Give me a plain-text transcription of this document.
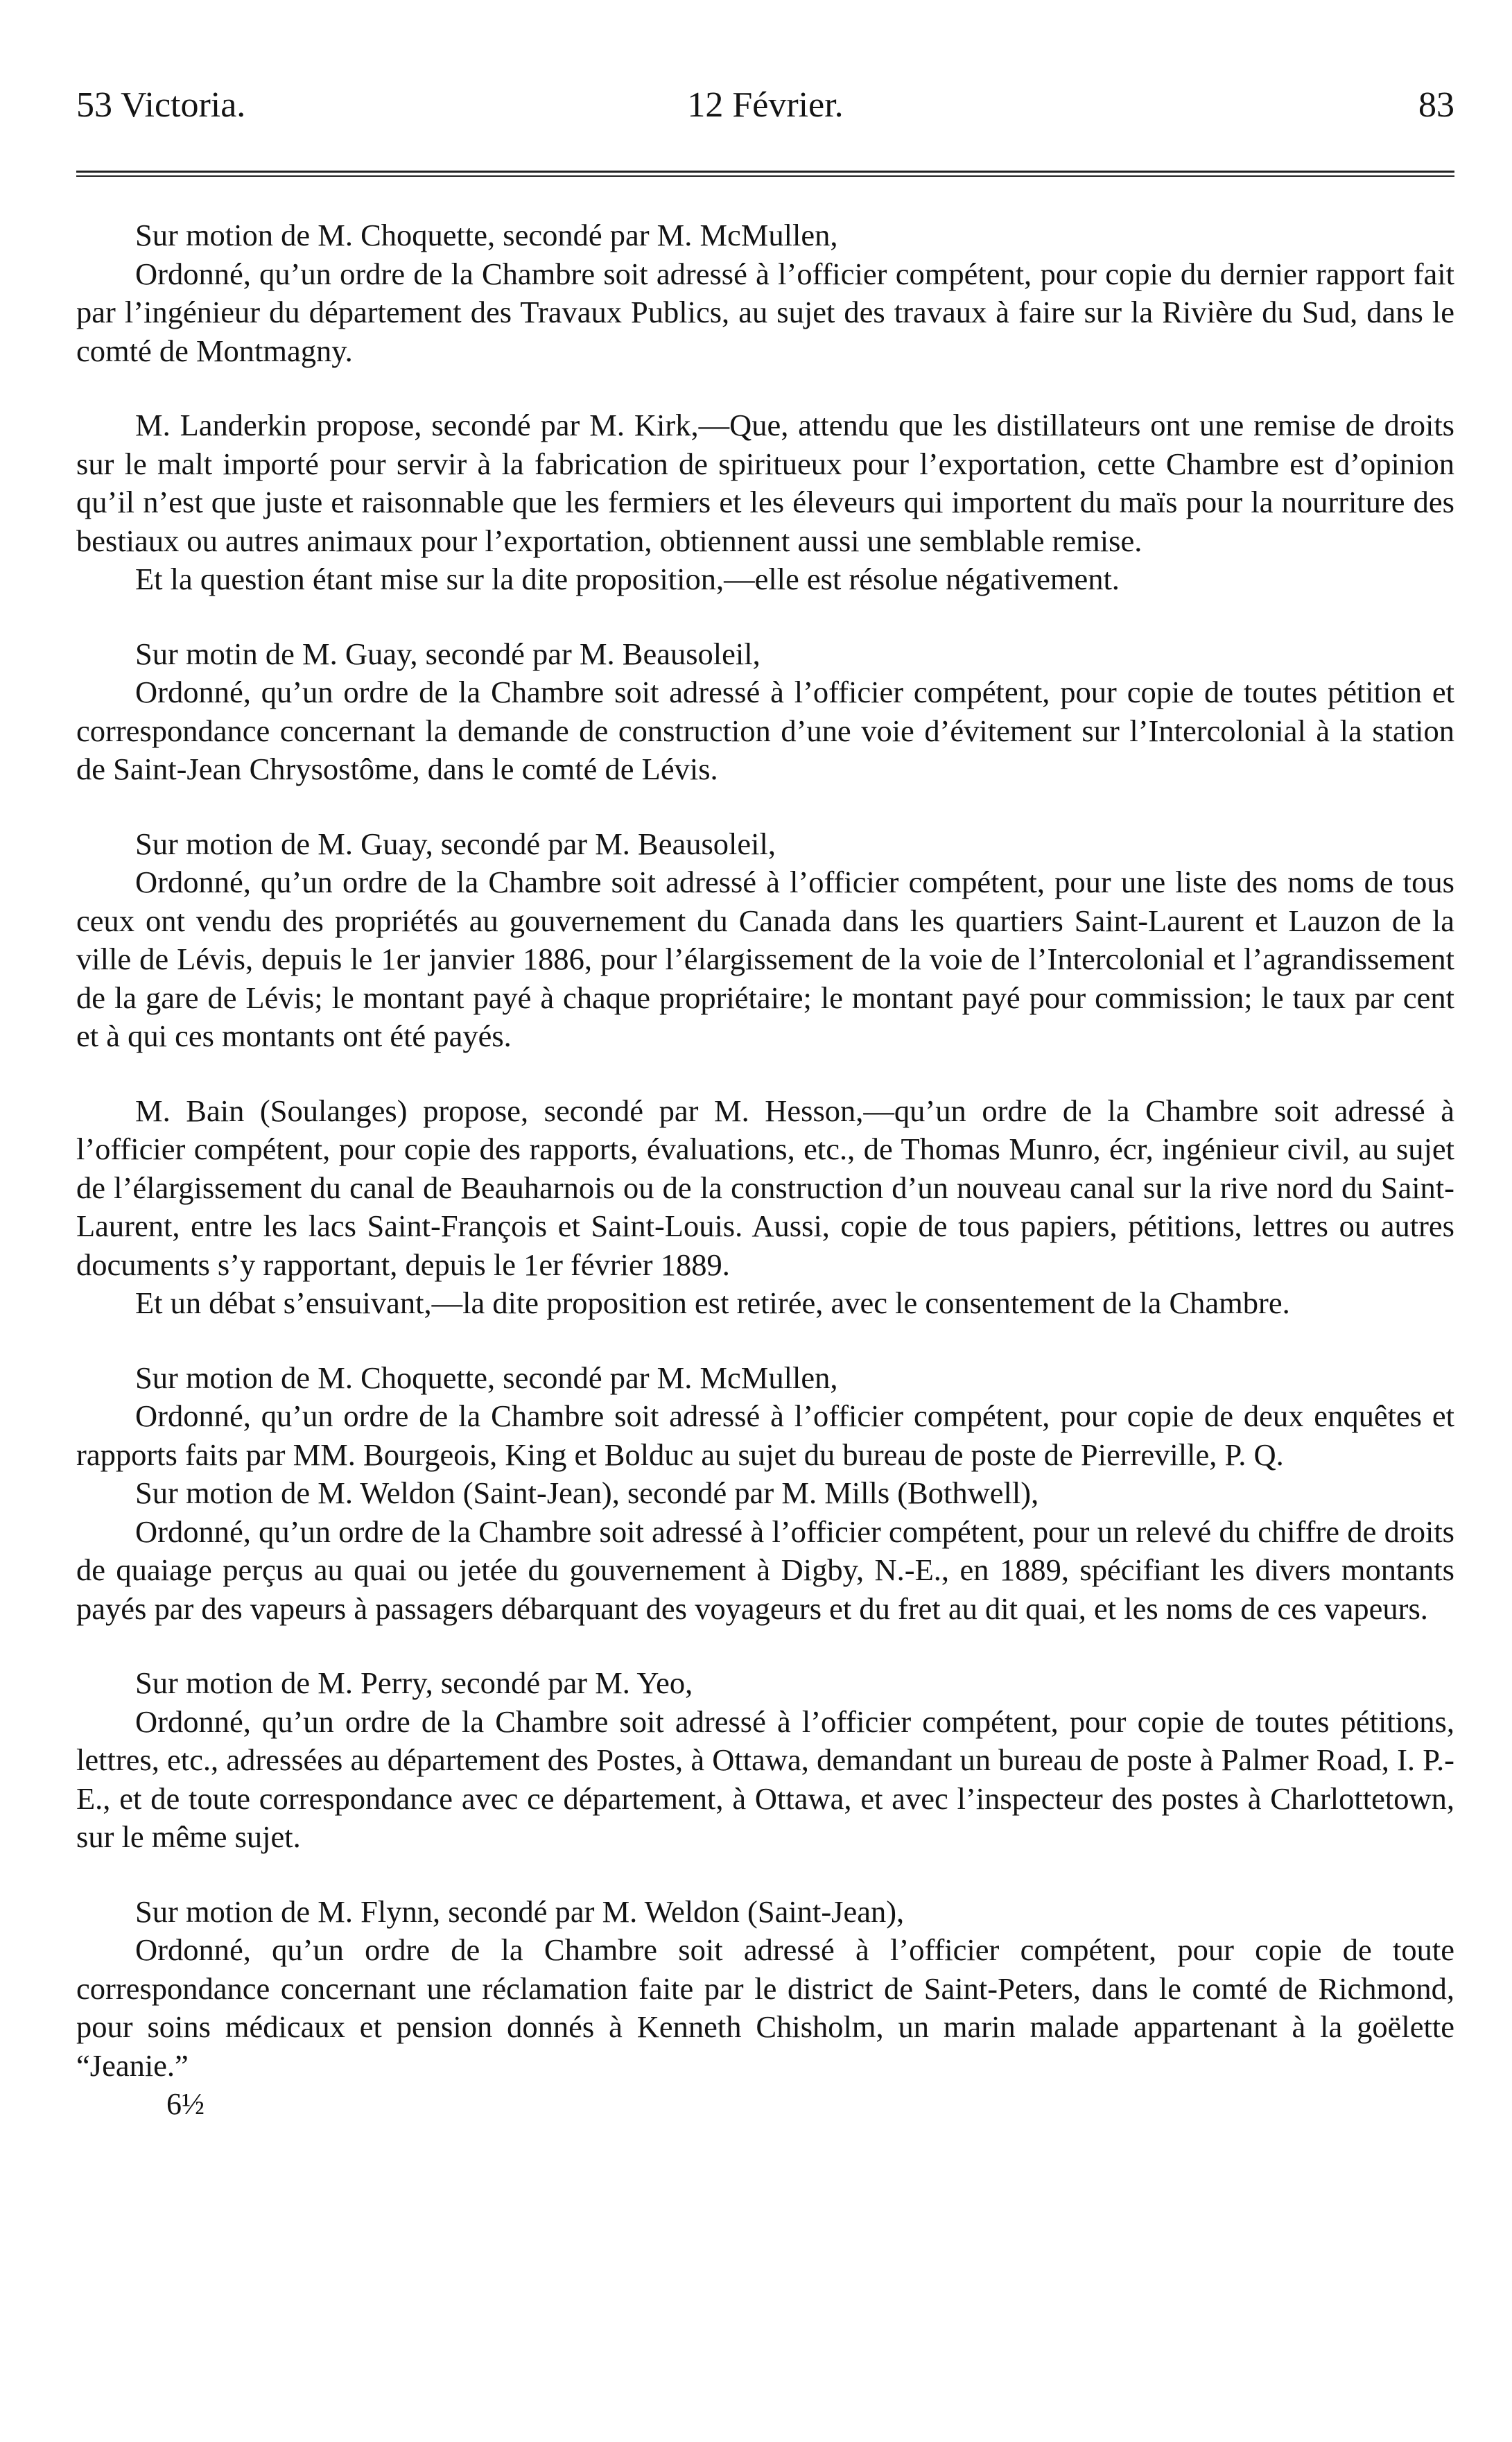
53 Victoria.	12 Février.	83

Sur motion de M. Choquette, secondé par M. McMullen,

Ordonné, qu’un ordre de la Chambre soit adressé à l’officier compétent, pour copie du dernier rapport fait par l’ingénieur du département des Travaux Publics, au sujet des travaux à faire sur la Rivière du Sud, dans le comté de Montmagny.

M. Landerkin propose, secondé par M. Kirk,—Que, attendu que les distillateurs ont une remise de droits sur le malt importé pour servir à la fabrication de spiritueux pour l’exportation, cette Chambre est d’opinion qu’il n’est que juste et raisonnable que les fermiers et les éleveurs qui importent du maïs pour la nourriture des bestiaux ou autres animaux pour l’exportation, obtiennent aussi une semblable remise.

Et la question étant mise sur la dite proposition,—elle est résolue négativement.

Sur motin de M. Guay, secondé par M. Beausoleil,

Ordonné, qu’un ordre de la Chambre soit adressé à l’officier compétent, pour copie de toutes pétition et correspondance concernant la demande de construction d’une voie d’évitement sur l’Intercolonial à la station de Saint-Jean Chrysostôme, dans le comté de Lévis.

Sur motion de M. Guay, secondé par M. Beausoleil,

Ordonné, qu’un ordre de la Chambre soit adressé à l’officier compétent, pour une liste des noms de tous ceux ont vendu des propriétés au gouvernement du Canada dans les quartiers Saint-Laurent et Lauzon de la ville de Lévis, depuis le 1er janvier 1886, pour l’élargissement de la voie de l’Intercolonial et l’agrandissement de la gare de Lévis; le montant payé à chaque propriétaire; le montant payé pour commission; le taux par cent et à qui ces montants ont été payés.

M. Bain (Soulanges) propose, secondé par M. Hesson,—qu’un ordre de la Chambre soit adressé à l’officier compétent, pour copie des rapports, évaluations, etc., de Thomas Munro, écr, ingénieur civil, au sujet de l’élargissement du canal de Beauharnois ou de la construction d’un nouveau canal sur la rive nord du Saint-Laurent, entre les lacs Saint-François et Saint-Louis. Aussi, copie de tous papiers, pétitions, lettres ou autres documents s’y rapportant, depuis le 1er février 1889.

Et un débat s’ensuivant,—la dite proposition est retirée, avec le consentement de la Chambre.

Sur motion de M. Choquette, secondé par M. McMullen,

Ordonné, qu’un ordre de la Chambre soit adressé à l’officier compétent, pour copie de deux enquêtes et rapports faits par MM. Bourgeois, King et Bolduc au sujet du bureau de poste de Pierreville, P. Q.

Sur motion de M. Weldon (Saint-Jean), secondé par M. Mills (Bothwell),

Ordonné, qu’un ordre de la Chambre soit adressé à l’officier compétent, pour un relevé du chiffre de droits de quaiage perçus au quai ou jetée du gouvernement à Digby, N.-E., en 1889, spécifiant les divers montants payés par des vapeurs à passagers débarquant des voyageurs et du fret au dit quai, et les noms de ces vapeurs.

Sur motion de M. Perry, secondé par M. Yeo,

Ordonné, qu’un ordre de la Chambre soit adressé à l’officier compétent, pour copie de toutes pétitions, lettres, etc., adressées au département des Postes, à Ottawa, demandant un bureau de poste à Palmer Road, I. P.-E., et de toute correspondance avec ce département, à Ottawa, et avec l’inspecteur des postes à Charlottetown, sur le même sujet.

Sur motion de M. Flynn, secondé par M. Weldon (Saint-Jean),

Ordonné, qu’un ordre de la Chambre soit adressé à l’officier compétent, pour copie de toute correspondance concernant une réclamation faite par le district de Saint-Peters, dans le comté de Richmond, pour soins médicaux et pension donnés à Kenneth Chisholm, un marin malade appartenant à la goëlette “Jeanie.”

6½
